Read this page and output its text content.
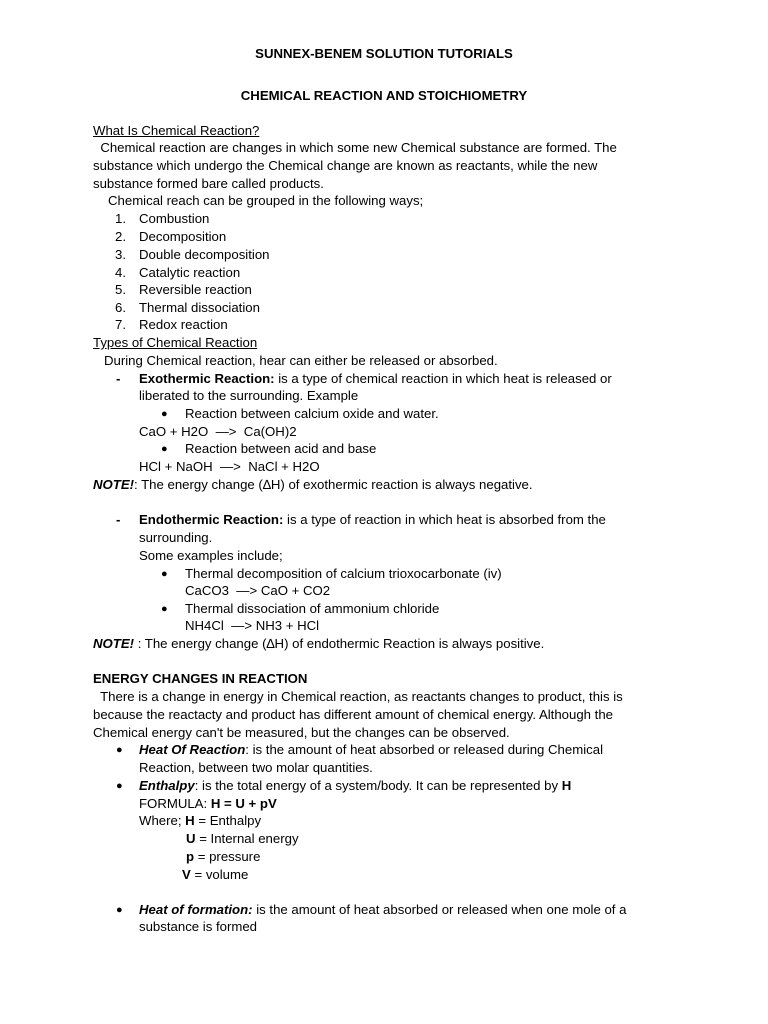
SUNNEX-BENEM SOLUTION TUTORIALS
CHEMICAL REACTION AND STOICHIOMETRY
What Is Chemical Reaction?
Chemical reaction are changes in which some new Chemical substance are formed. The
substance which undergo the Chemical change are known as reactants, while the new
substance formed bare called products.
Chemical reach can be grouped in the following ways;
1. Combustion
2. Decomposition
3. Double decomposition
4. Catalytic reaction
5. Reversible reaction
6. Thermal dissociation
7. Redox reaction
Types of Chemical Reaction
During Chemical reaction, hear can either be released or absorbed.
- Exothermic Reaction: is a type of chemical reaction in which heat is released or
liberated to the surrounding. Example
● Reaction between calcium oxide and water.
CaO + H2O  —>  Ca(OH)2
● Reaction between acid and base
HCl + NaOH  —>  NaCl + H2O
NOTE!: The energy change (∆H) of exothermic reaction is always negative.
- Endothermic Reaction: is a type of reaction in which heat is absorbed from the
surrounding.
Some examples include;
● Thermal decomposition of calcium trioxocarbonate (iv)
CaCO3  —> CaO + CO2
● Thermal dissociation of ammonium chloride
NH4Cl  —> NH3 + HCl
NOTE! : The energy change (∆H) of endothermic Reaction is always positive.
ENERGY CHANGES IN REACTION
There is a change in energy in Chemical reaction, as reactants changes to product, this is
because the reactacty and product has different amount of chemical energy. Although the
Chemical energy can't be measured, but the changes can be observed.
● Heat Of Reaction: is the amount of heat absorbed or released during Chemical
Reaction, between two molar quantities.
● Enthalpy: is the total energy of a system/body. It can be represented by H
FORMULA: H = U + pV
Where; H = Enthalpy
U = Internal energy
p = pressure
V = volume
● Heat of formation: is the amount of heat absorbed or released when one mole of a
substance is formed
